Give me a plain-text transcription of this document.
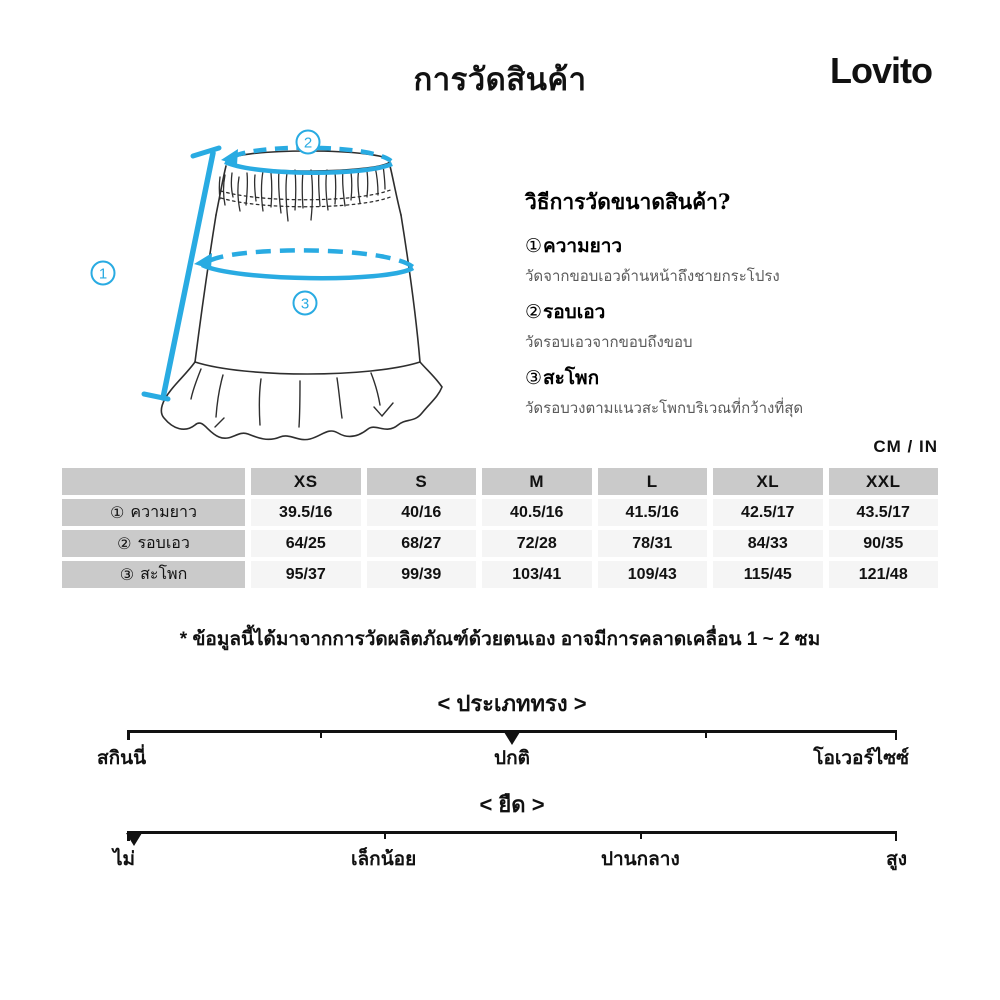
การวัดสินค้า	Lovito
1
2
3
วิธีการวัดขนาดสินค้า?
①ความยาว
วัดจากขอบเอวด้านหน้าถึงชายกระโปรง
②รอบเอว
วัดรอบเอวจากขอบถึงขอบ
③สะโพก
วัดรอบวงตามแนวสะโพกบริเวณที่กว้างที่สุด
CM / IN
XS	S	M	L	XL	XXL
① ความยาว	39.5/16	40/16	40.5/16	41.5/16	42.5/17	43.5/17
② รอบเอว	64/25	68/27	72/28	78/31	84/33	90/35
③ สะโพก	95/37	99/39	103/41	109/43	115/45	121/48
* ข้อมูลนี้ได้มาจากการวัดผลิตภัณฑ์ด้วยตนเอง อาจมีการคลาดเคลื่อน 1 ~ 2 ซม
< ประเภททรง >
สกินนี่	ปกติ	โอเวอร์ไซซ์
< ยืด >
ไม่	เล็กน้อย	ปานกลาง	สูง
